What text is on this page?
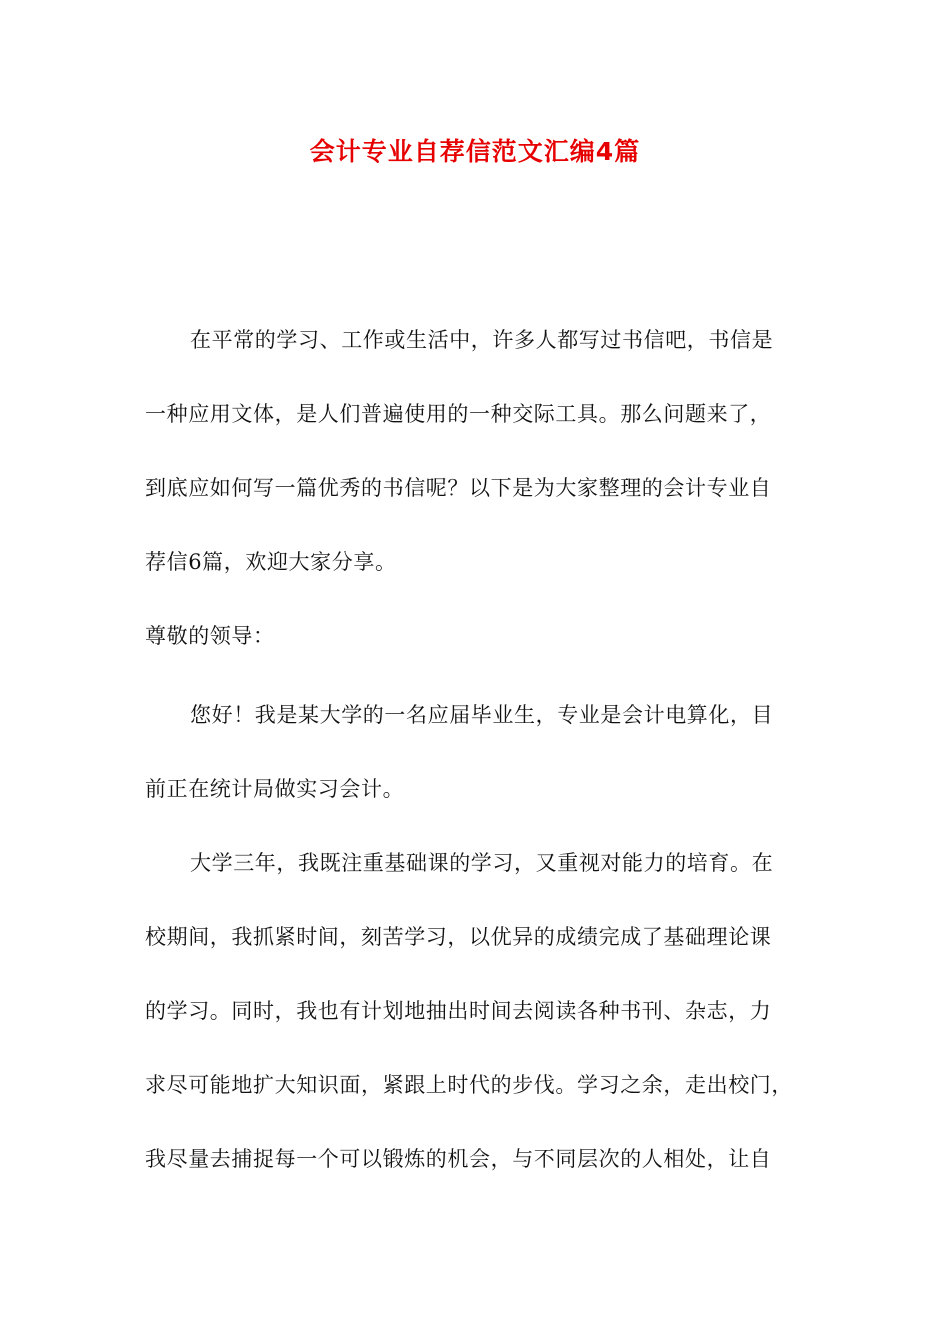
会计专业自荐信范文汇编4篇
在平常的学习、工作或生活中，许多人都写过书信吧，书信是
一种应用文体，是人们普遍使用的一种交际工具。那么问题来了，
到底应如何写一篇优秀的书信呢？以下是为大家整理的会计专业自
荐信6篇，欢迎大家分享。
尊敬的领导：
您好！我是某大学的一名应届毕业生，专业是会计电算化，目
前正在统计局做实习会计。
大学三年，我既注重基础课的学习，又重视对能力的培育。在
校期间，我抓紧时间，刻苦学习，以优异的成绩完成了基础理论课
的学习。同时，我也有计划地抽出时间去阅读各种书刊、杂志，力
求尽可能地扩大知识面，紧跟上时代的步伐。学习之余，走出校门，
我尽量去捕捉每一个可以锻炼的机会，与不同层次的人相处，让自
